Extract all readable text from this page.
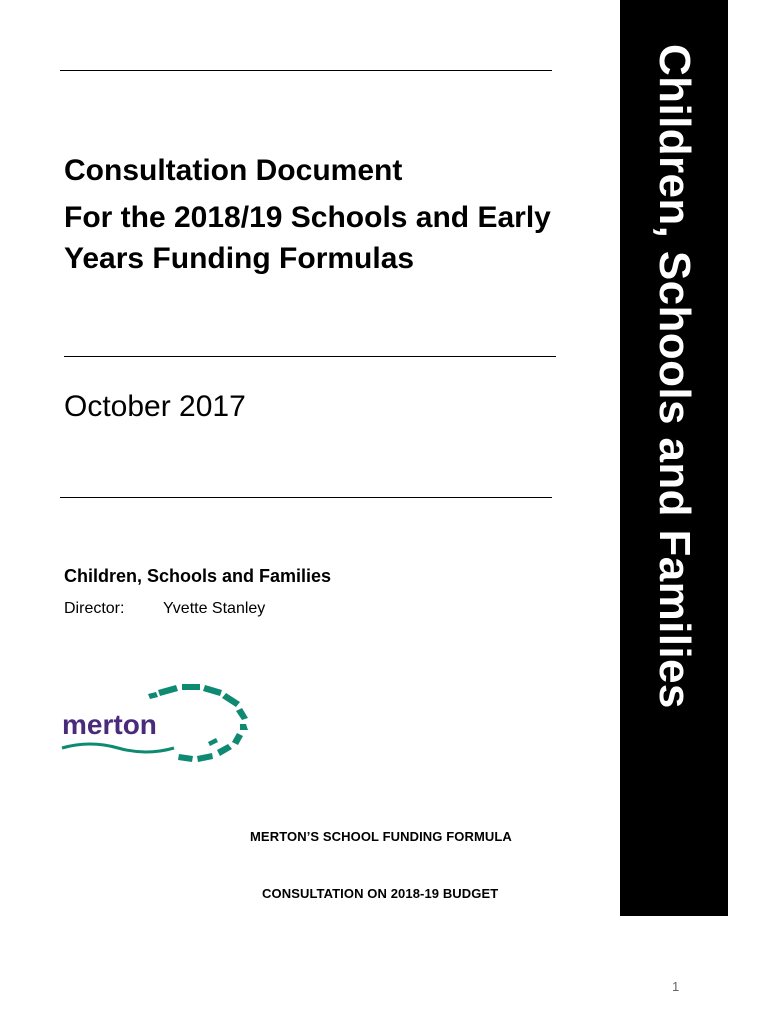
Consultation Document
For the 2018/19 Schools and Early
Years Funding Formulas

October 2017

Children, Schools and Families
Director: Yvette Stanley
merton
MERTON’S SCHOOL FUNDING FORMULA
CONSULTATION ON 2018-19 BUDGET
Children, Schools and Families
1
